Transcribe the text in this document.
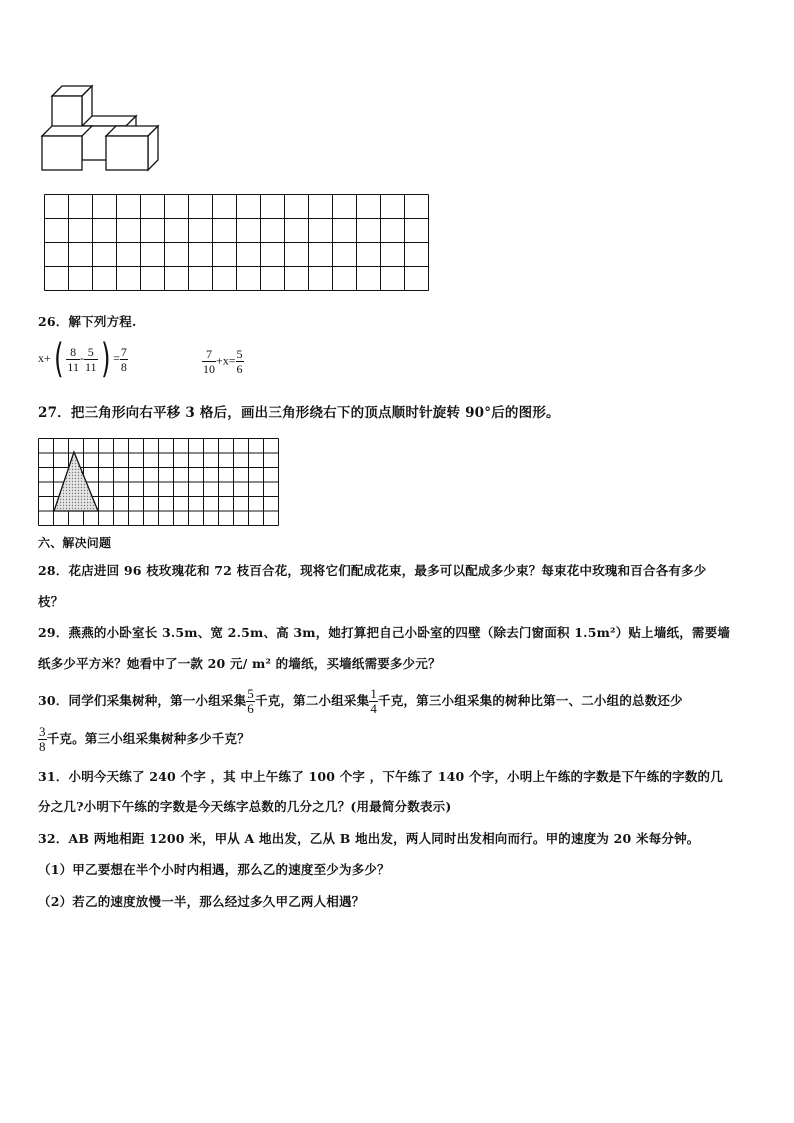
26．解下列方程.
$x+( \frac{8}{11} - \frac{5}{11}$ ) = $\frac{7}{8}$	$\frac{7}{10} +x= \frac{5}{6}$
27．把三角形向右平移 3 格后，画出三角形绕右下的顶点顺时针旋转 90°后的图形。
六、解决问题
28．花店进回 96 枝玫瑰花和 72 枝百合花，现将它们配成花束，最多可以配成多少束？每束花中玫瑰和百合各有多少
枝？
29．燕燕的小卧室长 3.5m、宽 2.5m、高 3m，她打算把自己小卧室的四壁（除去门窗面积 1.5m²）贴上墙纸，需要墙
纸多少平方米？她看中了一款 20 元/ m² 的墙纸，买墙纸需要多少元？
30．同学们采集树种，第一小组采集 $\frac{5}{6}$ 千克，第二小组采集 $\frac{1}{4}$ 千克，第三小组采集的树种比第一、二小组的总数还少
$\frac{3}{8}$ 千克。第三小组采集树种多少千克？
31．小明今天练了 240 个字 ，其 中上午练了 100 个字 ，下午练了 140 个字，小明上午练的字数是下午练的字数的几
分之几?小明下午练的字数是今天练字总数的几分之几？(用最简分数表示)
32．AB 两地相距 1200 米，甲从 A 地出发，乙从 B 地出发，两人同时出发相向而行。甲的速度为 20 米每分钟。
（1）甲乙要想在半个小时内相遇，那么乙的速度至少为多少？
（2）若乙的速度放慢一半，那么经过多久甲乙两人相遇？
